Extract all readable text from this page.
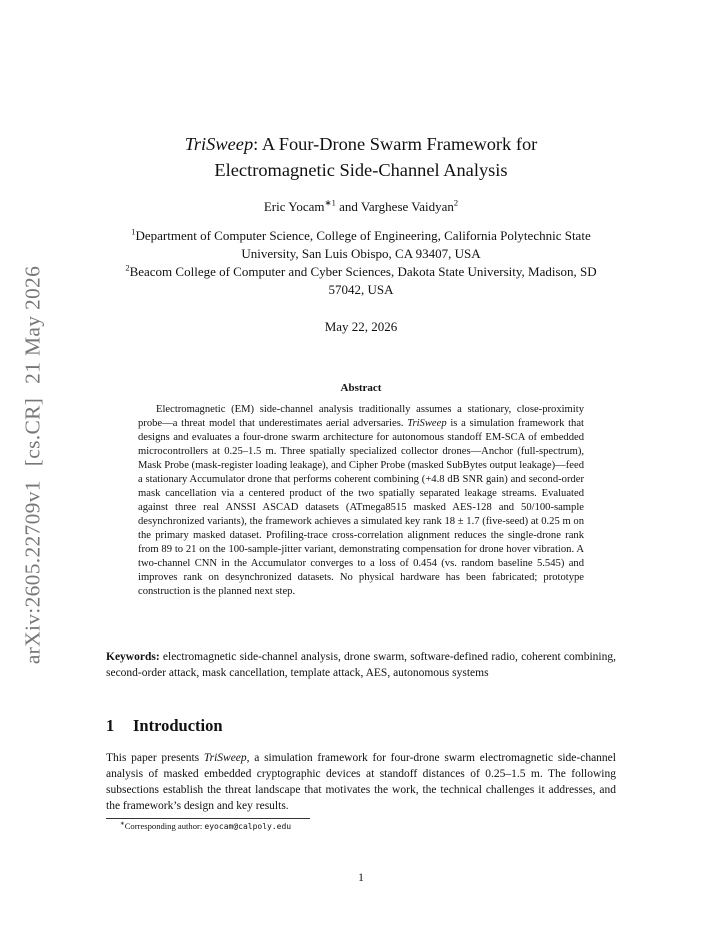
arXiv:2605.22709v1[cs.CR]21 May 2026
TriSweep: A Four-Drone Swarm Framework for
Electromagnetic Side-Channel Analysis
Eric Yocam$^{∗1}$ and Varghese Vaidyan$^2$
$^1$Department of Computer Science, College of Engineering, California Polytechnic State University, San Luis Obispo, CA 93407, USA
$^2$Beacom College of Computer and Cyber Sciences, Dakota State University, Madison, SD 57042, USA
May 22, 2026
Abstract
Electromagnetic (EM) side-channel analysis traditionally assumes a stationary, close-proximity probe—a threat model that underestimates aerial adversaries. TriSweep is a simulation framework that designs and evaluates a four-drone swarm architecture for autonomous standoff EM-SCA of embedded microcontrollers at 0.25–1.5 m. Three spatially specialized collector drones—Anchor (full-spectrum), Mask Probe (mask-register loading leakage), and Cipher Probe (masked SubBytes output leakage)—feed a stationary Accumulator drone that performs coherent combining (+4.8 dB SNR gain) and second-order mask cancellation via a centered product of the two spatially separated leakage streams. Evaluated against three real ANSSI ASCAD datasets (ATmega8515 masked AES-128 and 50/100-sample desynchronized variants), the framework achieves a simulated key rank 18 ± 1.7 (five-seed) at 0.25 m on the primary masked dataset. Profiling-trace cross-correlation alignment reduces the single-drone rank from 89 to 21 on the 100-sample-jitter variant, demonstrating compensation for drone hover vibration. A two-channel CNN in the Accumulator converges to a loss of 0.454 (vs. random baseline 5.545) and improves rank on desynchronized datasets. No physical hardware has been fabricated; prototype construction is the planned next step.
Keywords: electromagnetic side-channel analysis, drone swarm, software-defined radio, coherent combining, second-order attack, mask cancellation, template attack, AES, autonomous systems
1 Introduction
This paper presents TriSweep, a simulation framework for four-drone swarm electromagnetic side-channel analysis of masked embedded cryptographic devices at standoff distances of 0.25–1.5 m. The following subsections establish the threat landscape that motivates the work, the technical challenges it addresses, and the framework’s design and key results.
∗Corresponding author: eyocam@calpoly.edu
1
